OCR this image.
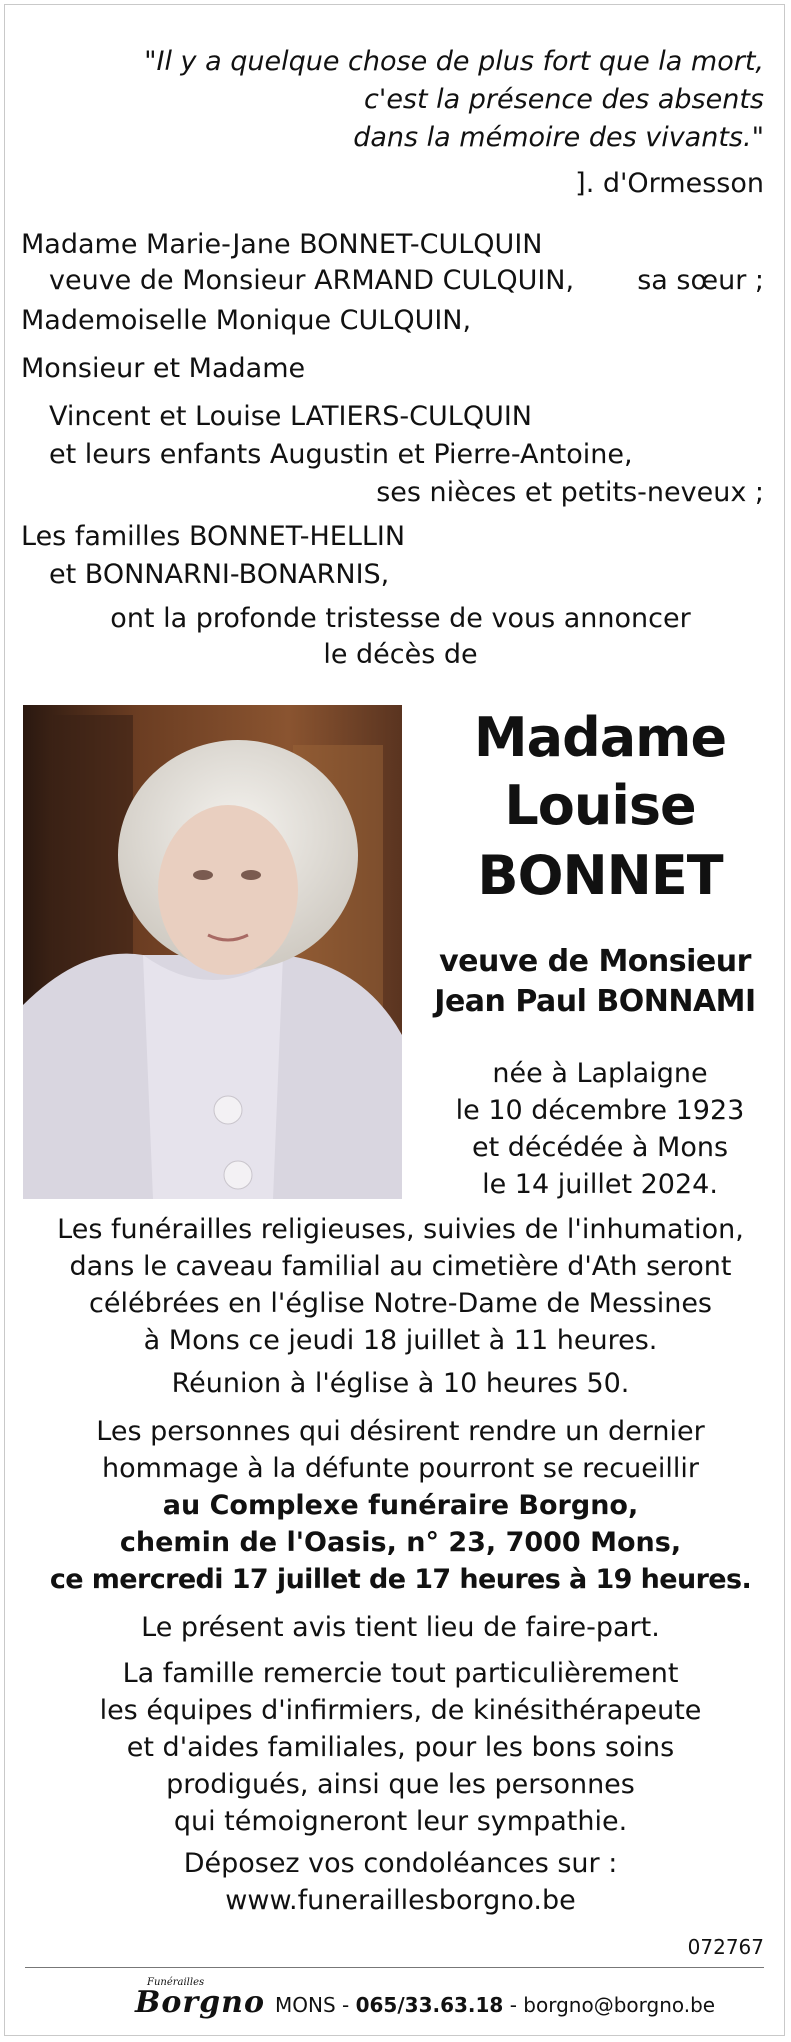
"Il y a quelque chose de plus fort que la mort,
c'est la présence des absents
dans la mémoire des vivants."
]. d'Ormesson
Madame Marie-Jane BONNET-CULQUIN
veuve de Monsieur ARMAND CULQUIN, sa sœur ;
Mademoiselle Monique CULQUIN,
Monsieur et Madame
Vincent et Louise LATIERS-CULQUIN
et leurs enfants Augustin et Pierre-Antoine,
ses nièces et petits-neveux ;
Les familles BONNET-HELLIN
et BONNARNI-BONARNIS,
ont la profonde tristesse de vous annoncer
le décès de
Madame
Louise
BONNET
veuve de Monsieur
Jean Paul BONNAMI
née à Laplaigne
le 10 décembre 1923
et décédée à Mons
le 14 juillet 2024.
Les funérailles religieuses, suivies de l'inhumation,
dans le caveau familial au cimetière d'Ath seront
célébrées en l'église Notre-Dame de Messines
à Mons ce jeudi 18 juillet à 11 heures.
Réunion à l'église à 10 heures 50.
Les personnes qui désirent rendre un dernier
hommage à la défunte pourront se recueillir
au Complexe funéraire Borgno,
chemin de l'Oasis, n° 23, 7000 Mons,
ce mercredi 17 juillet de 17 heures à 19 heures.
Le présent avis tient lieu de faire-part.
La famille remercie tout particulièrement
les équipes d'infirmiers, de kinésithérapeute
et d'aides familiales, pour les bons soins
prodigués, ainsi que les personnes
qui témoigneront leur sympathie.
Déposez vos condoléances sur :
www.funeraillesborgno.be
072767
Funérailles
Borgno MONS - 065/33.63.18 - borgno@borgno.be
